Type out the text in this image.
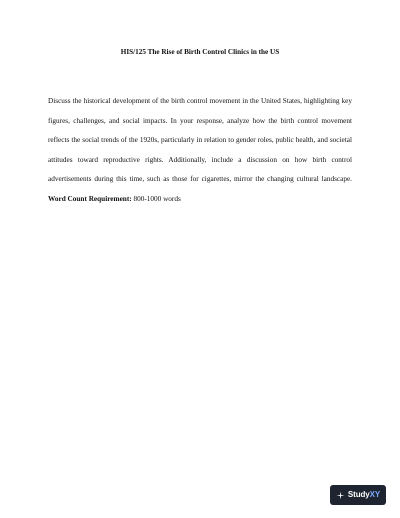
HIS/125 The Rise of Birth Control Clinics in the US

Discuss the historical development of the birth control movement in the United States, highlighting key figures, challenges, and social impacts. In your response, analyze how the birth control movement reflects the social trends of the 1920s, particularly in relation to gender roles, public health, and societal attitudes toward reproductive rights. Additionally, include a discussion on how birth control advertisements during this time, such as those for cigarettes, mirror the changing cultural landscape. Word Count Requirement: 800-1000 words

StudyXY
